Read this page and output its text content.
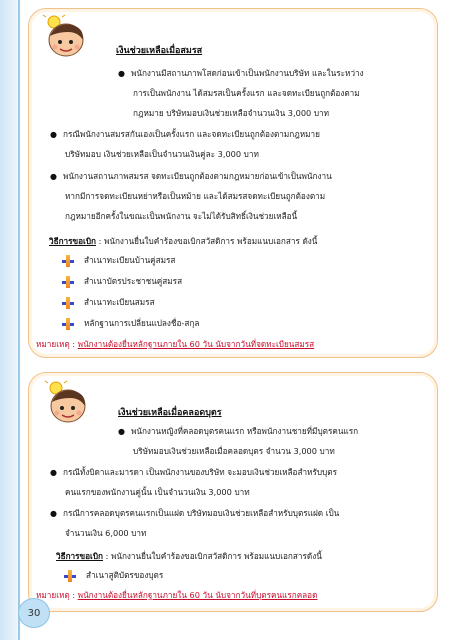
เงินช่วยเหลือเมื่อสมรส
● พนักงานมีสถานภาพโสดก่อนเข้าเป็นพนักงานบริษัท และในระหว่าง
การเป็นพนักงาน ได้สมรสเป็นครั้งแรก และจดทะเบียนถูกต้องตาม
กฎหมาย บริษัทมอบเงินช่วยเหลือจำนวนเงิน 3,000 บาท
● กรณีพนักงานสมรสกันเองเป็นครั้งแรก และจดทะเบียนถูกต้องตามกฎหมาย
บริษัทมอบ เงินช่วยเหลือเป็นจำนวนเงินคู่ละ 3,000 บาท
● พนักงานสถานภาพสมรส จดทะเบียนถูกต้องตามกฎหมายก่อนเข้าเป็นพนักงาน
หากมีการจดทะเบียนหย่าหรือเป็นหม้าย และได้สมรสจดทะเบียนถูกต้องตาม
กฎหมายอีกครั้งในขณะเป็นพนักงาน จะไม่ได้รับสิทธิ์เงินช่วยเหลือนี้
วิธีการขอเบิก : พนักงานยื่นใบคำร้องขอเบิกสวัสดิการ พร้อมแนบเอกสาร ดังนี้
สำเนาทะเบียนบ้านคู่สมรส
สำเนาบัตรประชาชนคู่สมรส
สำเนาทะเบียนสมรส
หลักฐานการเปลี่ยนแปลงชื่อ-สกุล
หมายเหตุ : พนักงานต้องยื่นหลักฐานภายใน 60 วัน นับจากวันที่จดทะเบียนสมรส
เงินช่วยเหลือเมื่อคลอดบุตร
● พนักงานหญิงที่คลอดบุตรคนแรก หรือพนักงานชายที่มีบุตรคนแรก
บริษัทมอบเงินช่วยเหลือเมื่อคลอดบุตร จำนวน 3,000 บาท
● กรณีทั้งบิดาและมารดา เป็นพนักงานของบริษัท จะมอบเงินช่วยเหลือสำหรับบุตร
คนแรกของพนักงานคู่นั้น เป็นจำนวนเงิน 3,000 บาท
● กรณีการคลอดบุตรคนแรกเป็นแฝด บริษัทมอบเงินช่วยเหลือสำหรับบุตรแฝด เป็น
จำนวนเงิน 6,000 บาท
วิธีการขอเบิก : พนักงานยื่นใบคำร้องขอเบิกสวัสดิการ พร้อมแนบเอกสารดังนี้
สำเนาสูติบัตรของบุตร
หมายเหตุ : พนักงานต้องยื่นหลักฐานภายใน 60 วัน นับจากวันที่บุตรคนแรกคลอด
30
